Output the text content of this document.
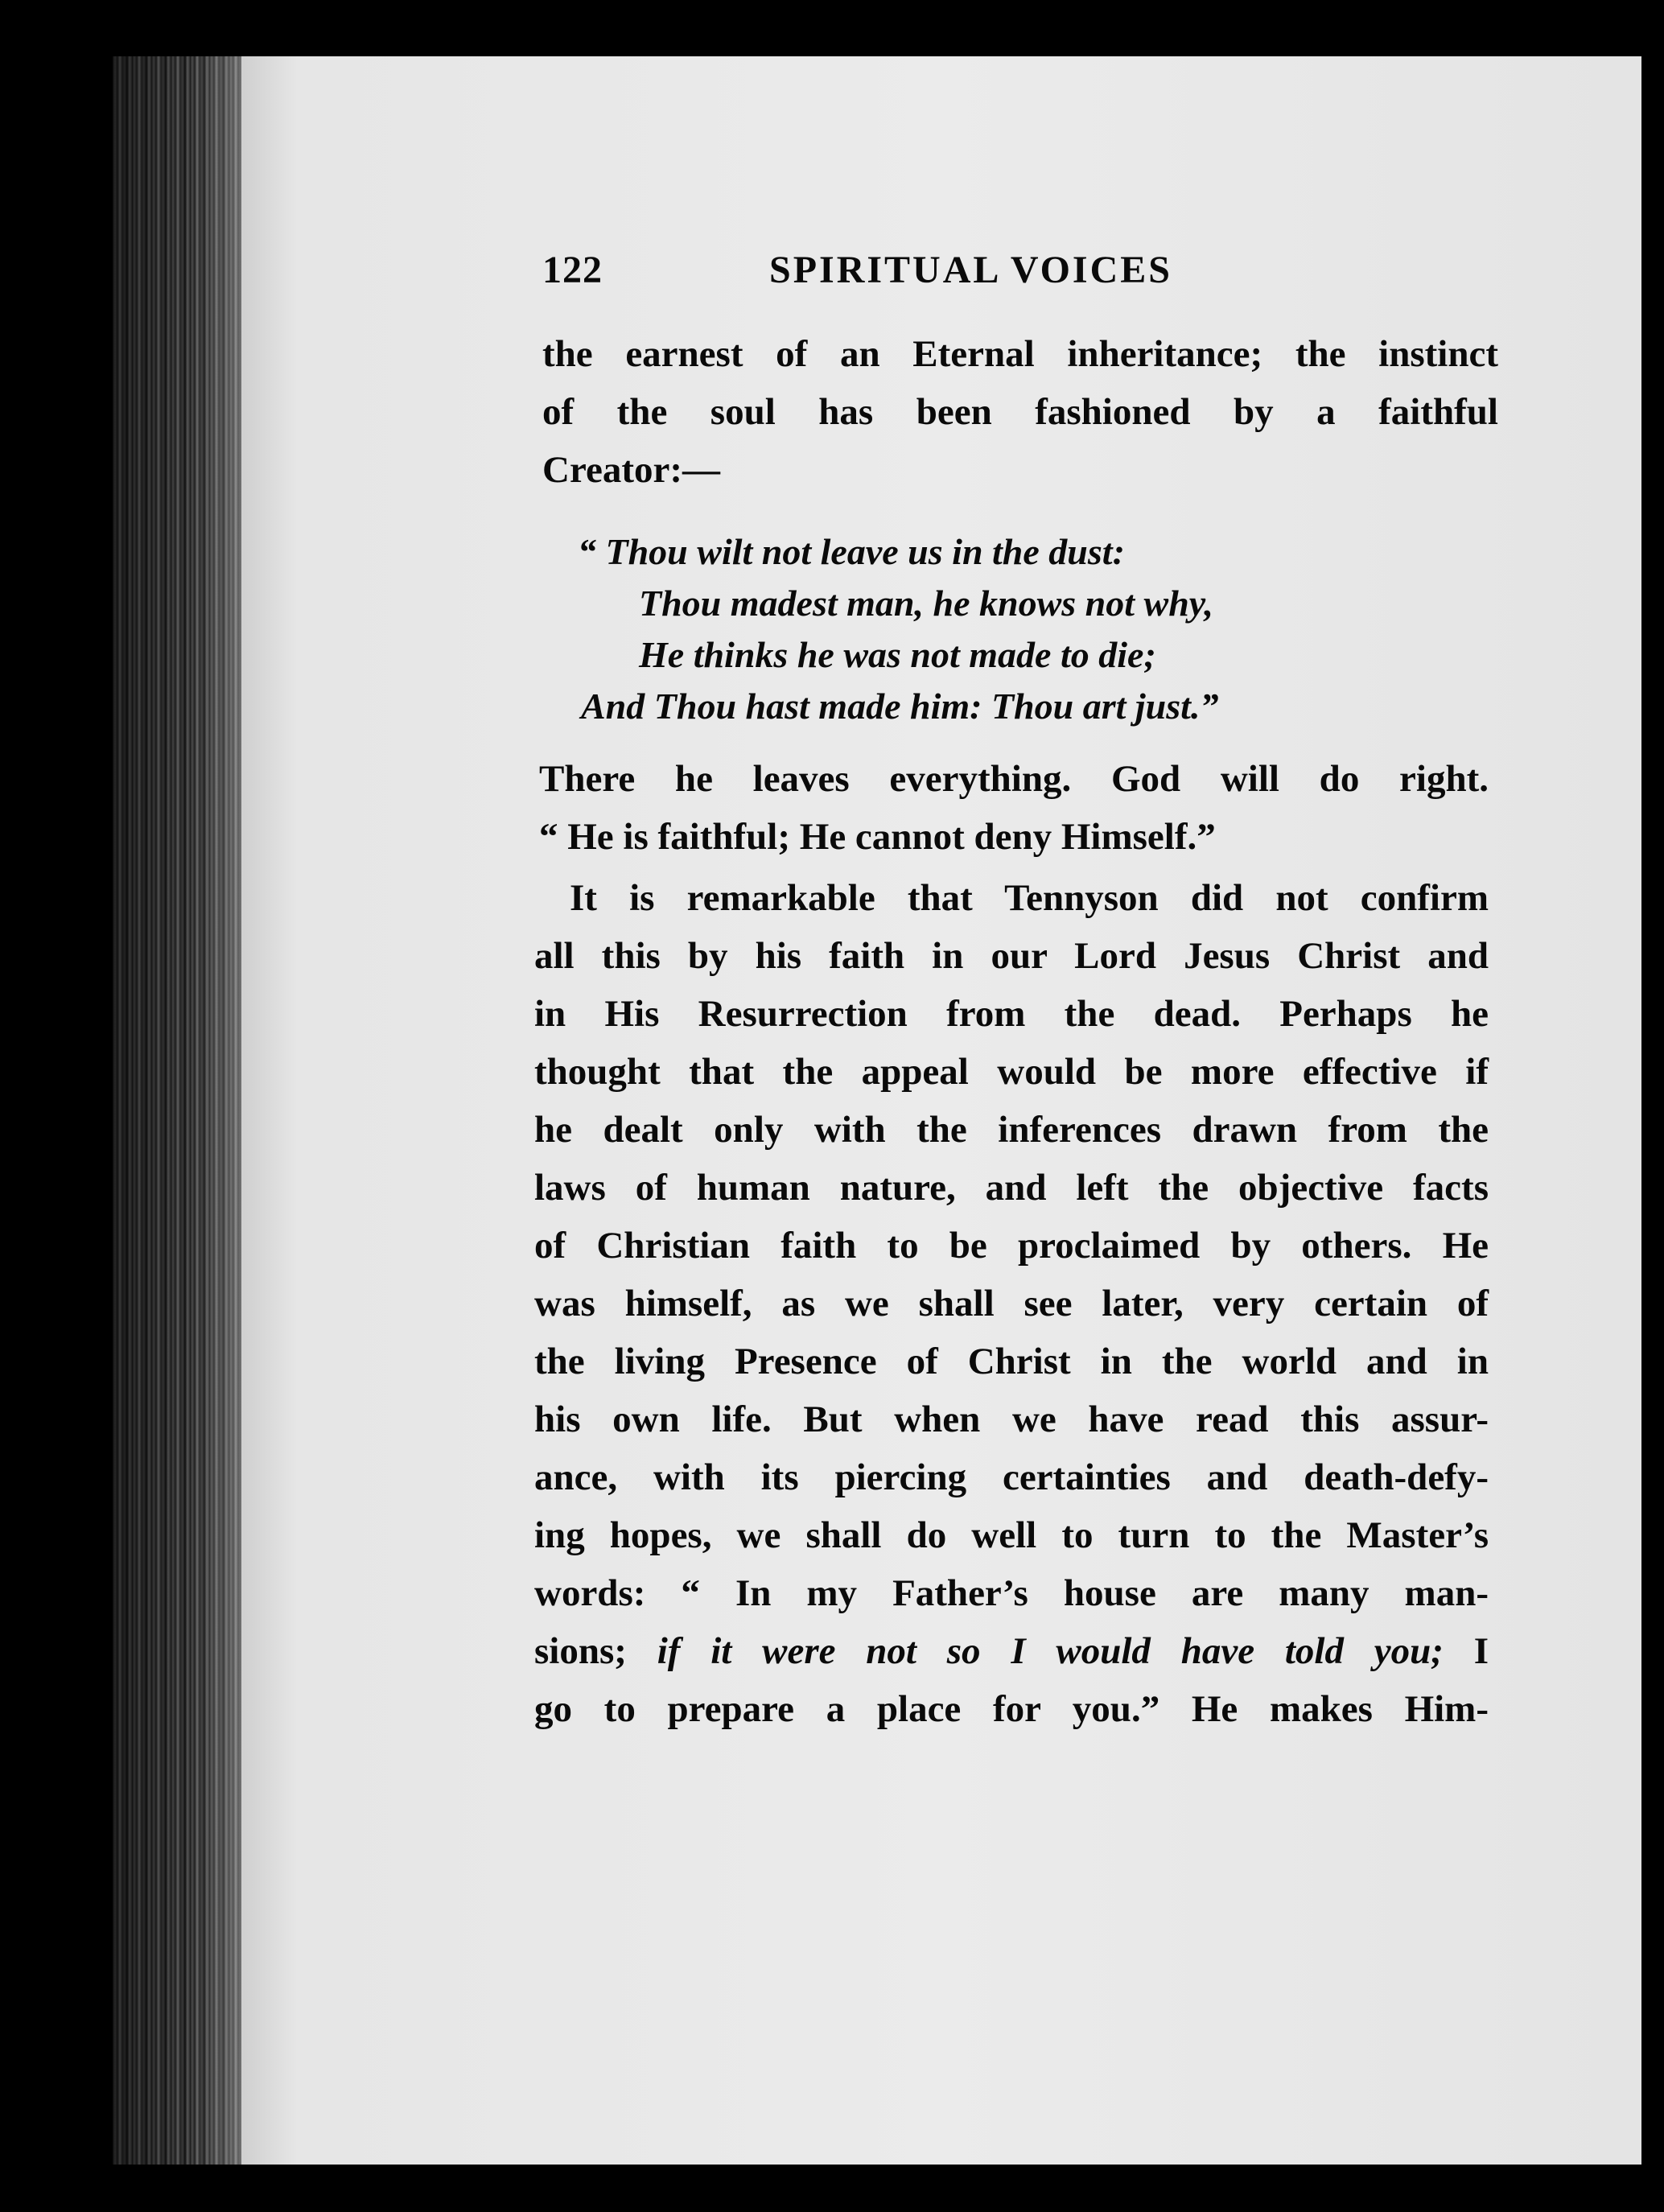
122	SPIRITUAL VOICES
the earnest of an Eternal inheritance; the instinct
of the soul has been fashioned by a faithful
Creator:—
“ Thou wilt not leave us in the dust:
Thou madest man, he knows not why,
He thinks he was not made to die;
And Thou hast made him: Thou art just.”
There he leaves everything. God will do right.
“ He is faithful; He cannot deny Himself.”
It is remarkable that Tennyson did not confirm
all this by his faith in our Lord Jesus Christ and
in His Resurrection from the dead. Perhaps he
thought that the appeal would be more effective if
he dealt only with the inferences drawn from the
laws of human nature, and left the objective facts
of Christian faith to be proclaimed by others. He
was himself, as we shall see later, very certain of
the living Presence of Christ in the world and in
his own life. But when we have read this assur-
ance, with its piercing certainties and death-defy-
ing hopes, we shall do well to turn to the Master’s
words: “ In my Father’s house are many man-
sions; if it were not so I would have told you; I
go to prepare a place for you.” He makes Him-
